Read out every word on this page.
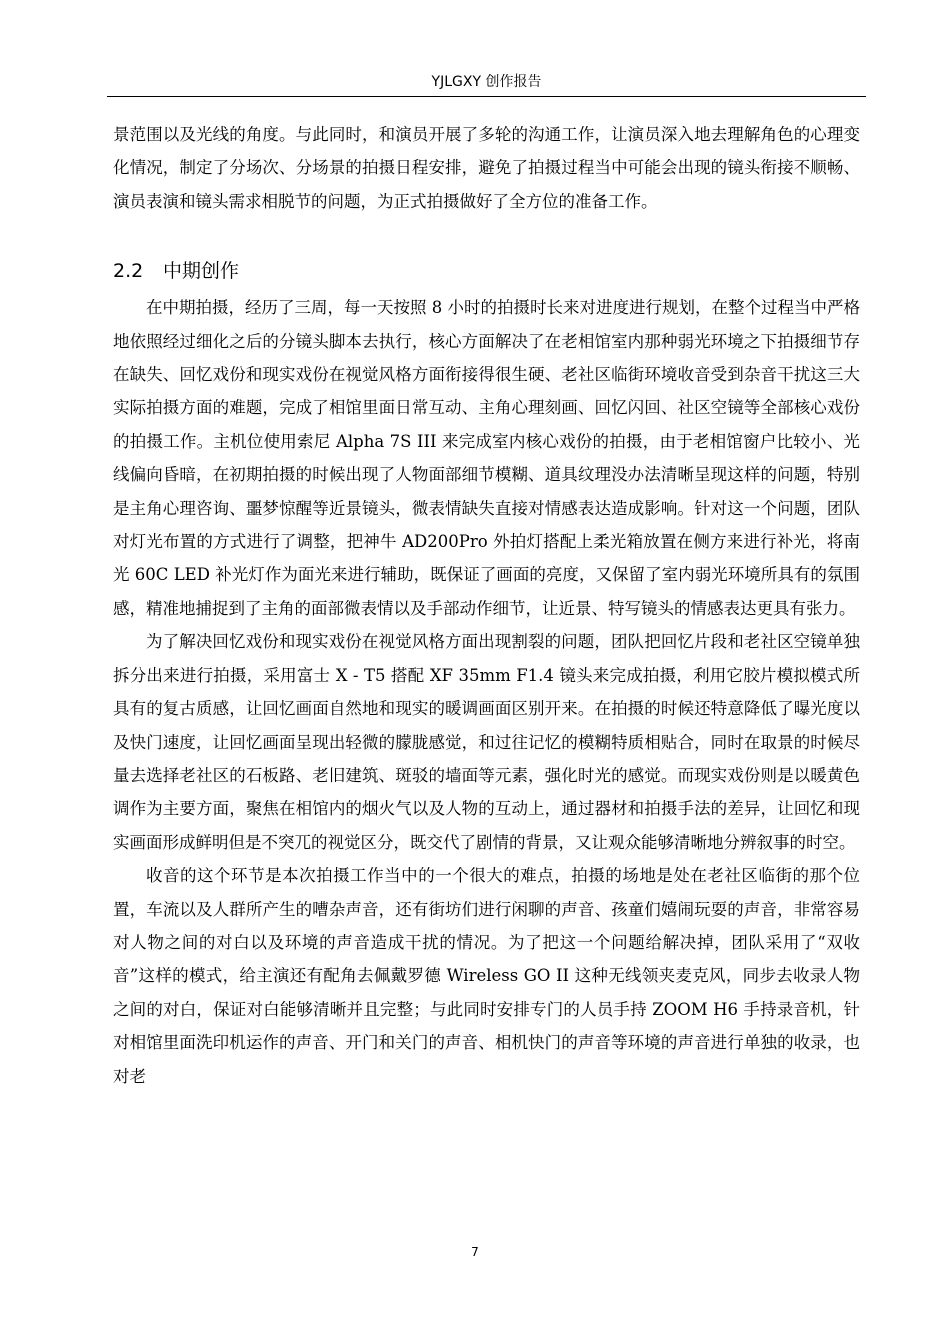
YJLGXY 创作报告

景范围以及光线的角度。与此同时，和演员开展了多轮的沟通工作，让演员深入地去理解角色的心理变化情况，制定了分场次、分场景的拍摄日程安排，避免了拍摄过程当中可能会出现的镜头衔接不顺畅、演员表演和镜头需求相脱节的问题，为正式拍摄做好了全方位的准备工作。

2.2 中期创作

在中期拍摄，经历了三周，每一天按照 8 小时的拍摄时长来对进度进行规划，在整个过程当中严格地依照经过细化之后的分镜头脚本去执行，核心方面解决了在老相馆室内那种弱光环境之下拍摄细节存在缺失、回忆戏份和现实戏份在视觉风格方面衔接得很生硬、老社区临街环境收音受到杂音干扰这三大实际拍摄方面的难题，完成了相馆里面日常互动、主角心理刻画、回忆闪回、社区空镜等全部核心戏份的拍摄工作。主机位使用索尼 Alpha 7S III 来完成室内核心戏份的拍摄，由于老相馆窗户比较小、光线偏向昏暗，在初期拍摄的时候出现了人物面部细节模糊、道具纹理没办法清晰呈现这样的问题，特别是主角心理咨询、噩梦惊醒等近景镜头，微表情缺失直接对情感表达造成影响。针对这一个问题，团队对灯光布置的方式进行了调整，把神牛 AD200Pro 外拍灯搭配上柔光箱放置在侧方来进行补光，将南光 60C LED 补光灯作为面光来进行辅助，既保证了画面的亮度，又保留了室内弱光环境所具有的氛围感，精准地捕捉到了主角的面部微表情以及手部动作细节，让近景、特写镜头的情感表达更具有张力。

为了解决回忆戏份和现实戏份在视觉风格方面出现割裂的问题，团队把回忆片段和老社区空镜单独拆分出来进行拍摄，采用富士 X - T5 搭配 XF 35mm F1.4 镜头来完成拍摄，利用它胶片模拟模式所具有的复古质感，让回忆画面自然地和现实的暖调画面区别开来。在拍摄的时候还特意降低了曝光度以及快门速度，让回忆画面呈现出轻微的朦胧感觉，和过往记忆的模糊特质相贴合，同时在取景的时候尽量去选择老社区的石板路、老旧建筑、斑驳的墙面等元素，强化时光的感觉。而现实戏份则是以暖黄色调作为主要方面，聚焦在相馆内的烟火气以及人物的互动上，通过器材和拍摄手法的差异，让回忆和现实画面形成鲜明但是不突兀的视觉区分，既交代了剧情的背景，又让观众能够清晰地分辨叙事的时空。

收音的这个环节是本次拍摄工作当中的一个很大的难点，拍摄的场地是处在老社区临街的那个位置，车流以及人群所产生的嘈杂声音，还有街坊们进行闲聊的声音、孩童们嬉闹玩耍的声音，非常容易对人物之间的对白以及环境的声音造成干扰的情况。为了把这一个问题给解决掉，团队采用了“双收音”这样的模式，给主演还有配角去佩戴罗德 Wireless GO II 这种无线领夹麦克风，同步去收录人物之间的对白，保证对白能够清晰并且完整；与此同时安排专门的人员手持 ZOOM H6 手持录音机，针对相馆里面洗印机运作的声音、开门和关门的声音、相机快门的声音等环境的声音进行单独的收录，也对老

7
